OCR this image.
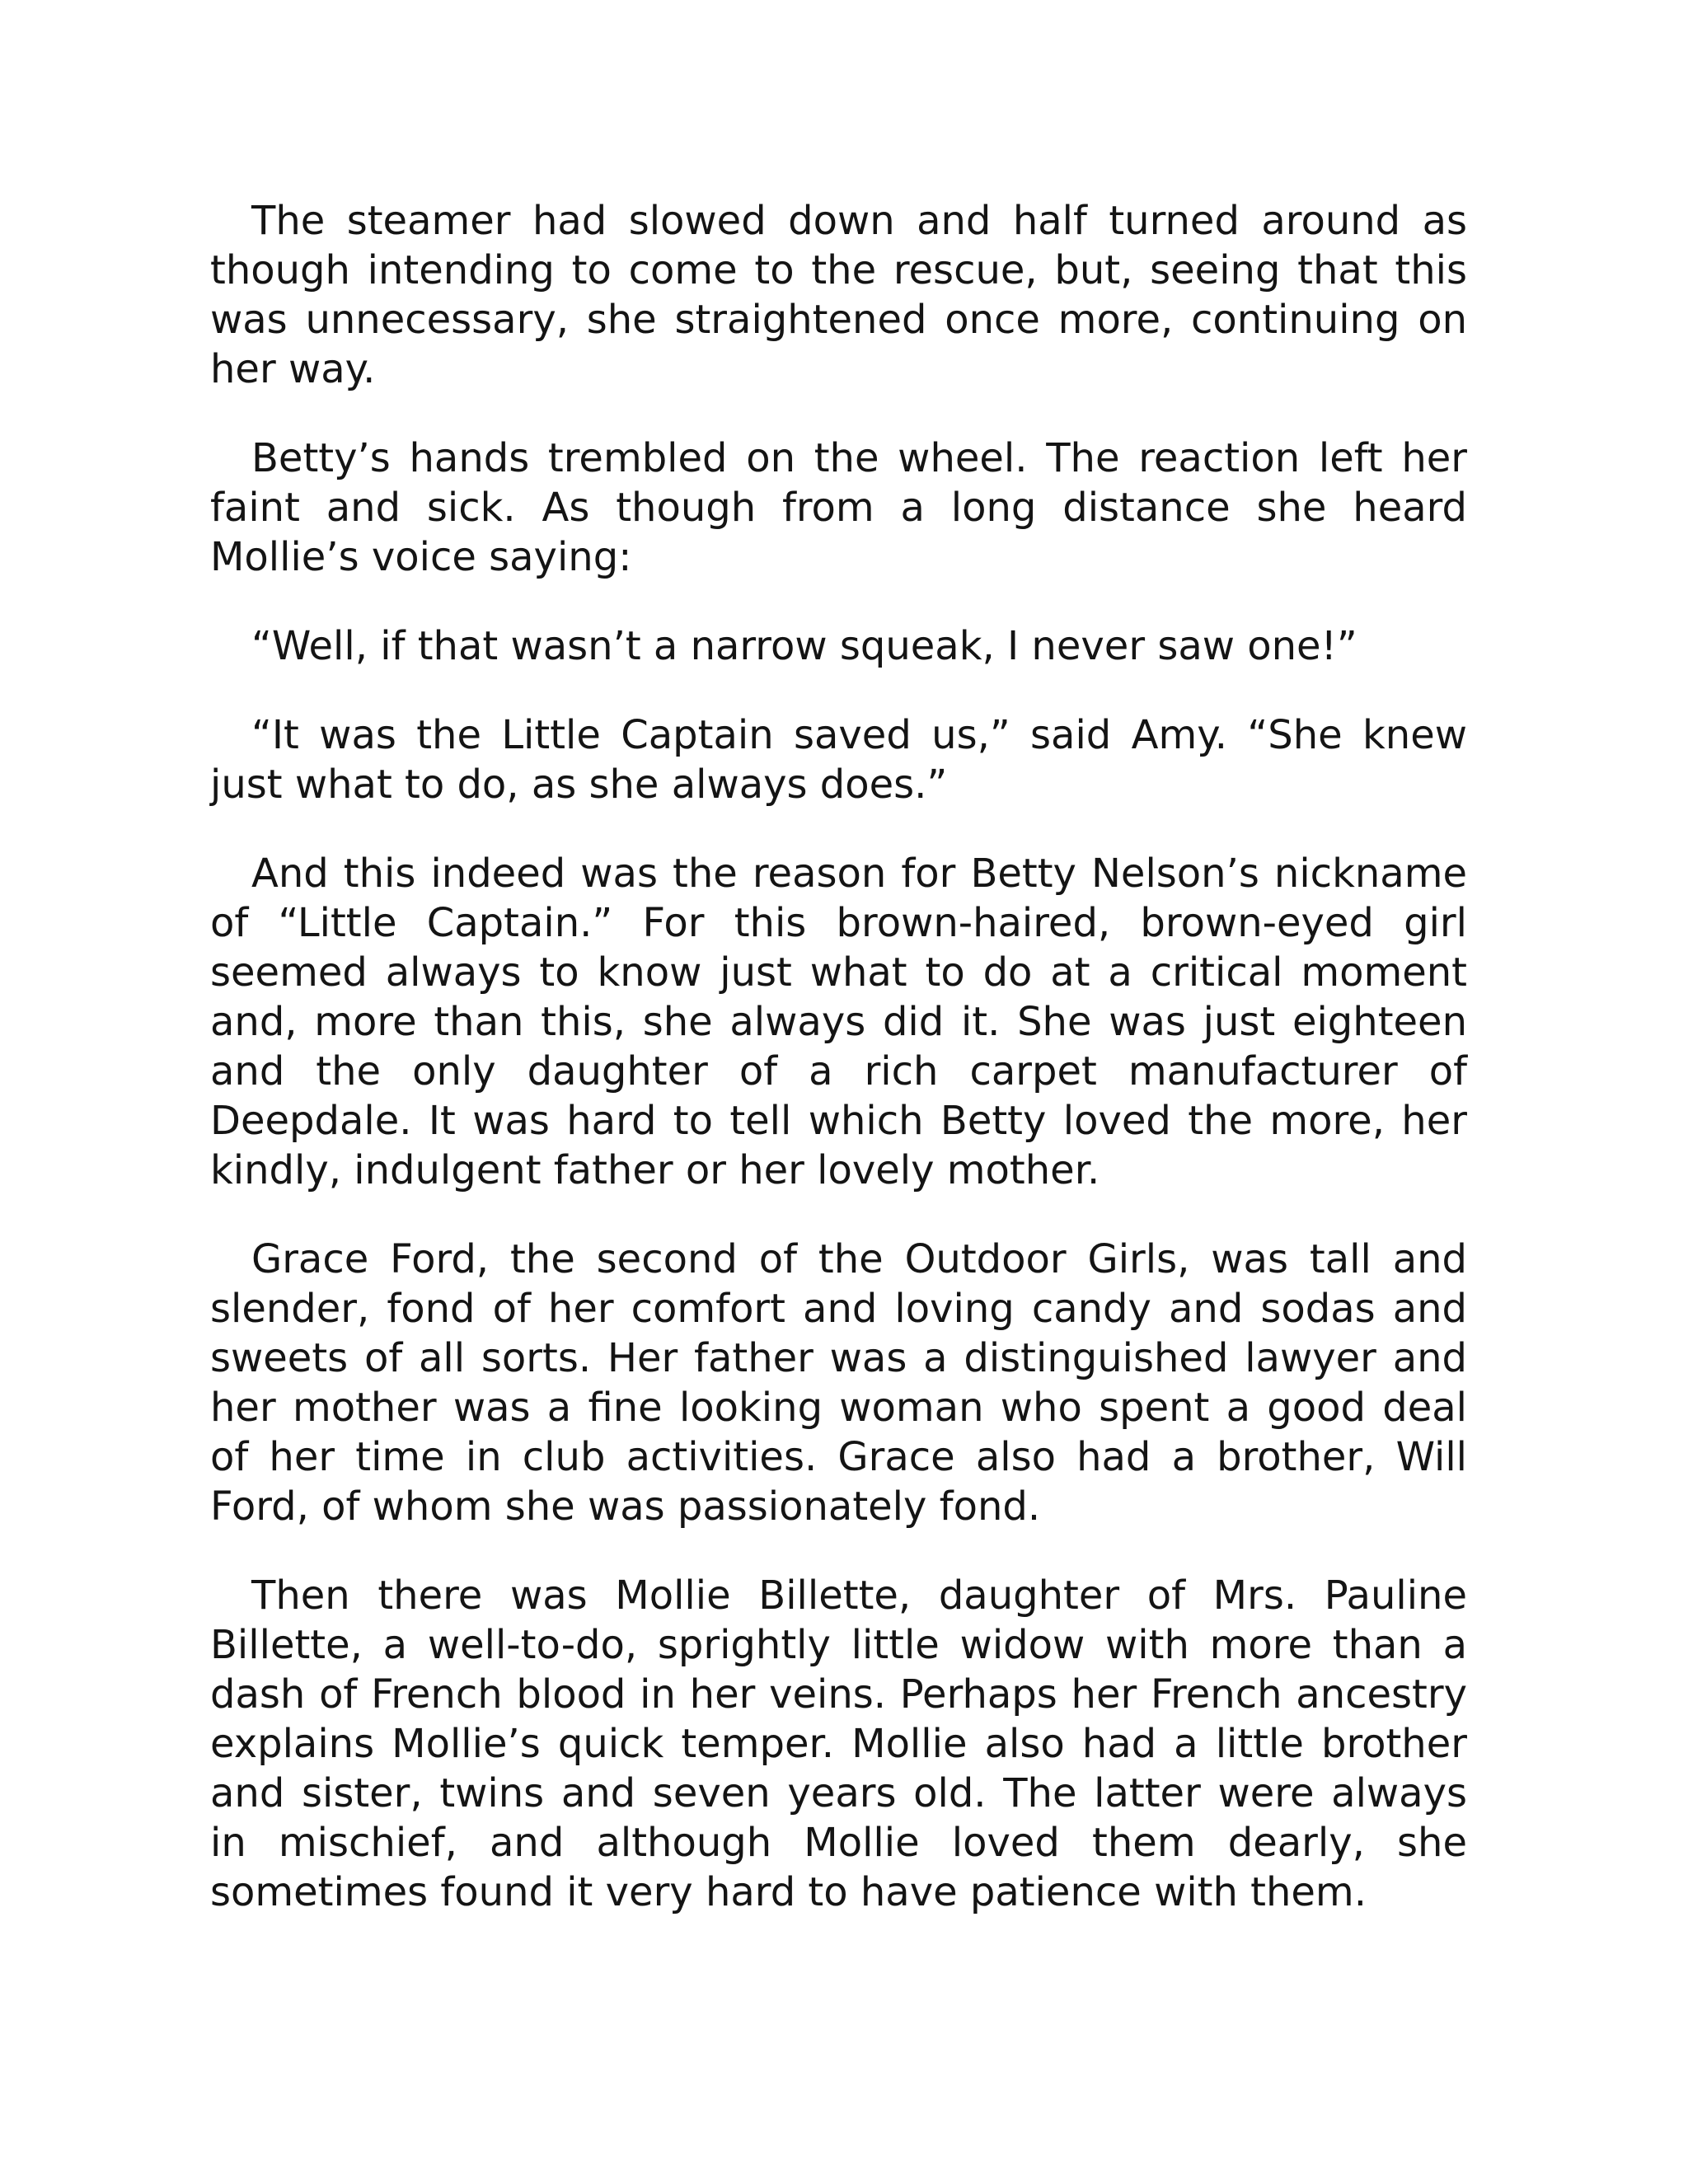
The steamer had slowed down and half turned around as though intending to come to the rescue, but, seeing that this was unnecessary, she straightened once more, continuing on her way.

Betty’s hands trembled on the wheel. The reaction left her faint and sick. As though from a long distance she heard Mollie’s voice saying:

“Well, if that wasn’t a narrow squeak, I never saw one!”

“It was the Little Captain saved us,” said Amy. “She knew just what to do, as she always does.”

And this indeed was the reason for Betty Nelson’s nickname of “Little Captain.” For this brown-haired, brown-eyed girl seemed always to know just what to do at a critical moment and, more than this, she always did it. She was just eighteen and the only daughter of a rich carpet manufacturer of Deepdale. It was hard to tell which Betty loved the more, her kindly, indulgent father or her lovely mother.

Grace Ford, the second of the Outdoor Girls, was tall and slender, fond of her comfort and loving candy and sodas and sweets of all sorts. Her father was a distinguished lawyer and her mother was a fine looking woman who spent a good deal of her time in club activities. Grace also had a brother, Will Ford, of whom she was passionately fond.

Then there was Mollie Billette, daughter of Mrs. Pauline Billette, a well-to-do, sprightly little widow with more than a dash of French blood in her veins. Perhaps her French ancestry explains Mollie’s quick temper. Mollie also had a little brother and sister, twins and seven years old. The latter were always in mischief, and although Mollie loved them dearly, she sometimes found it very hard to have patience with them.
